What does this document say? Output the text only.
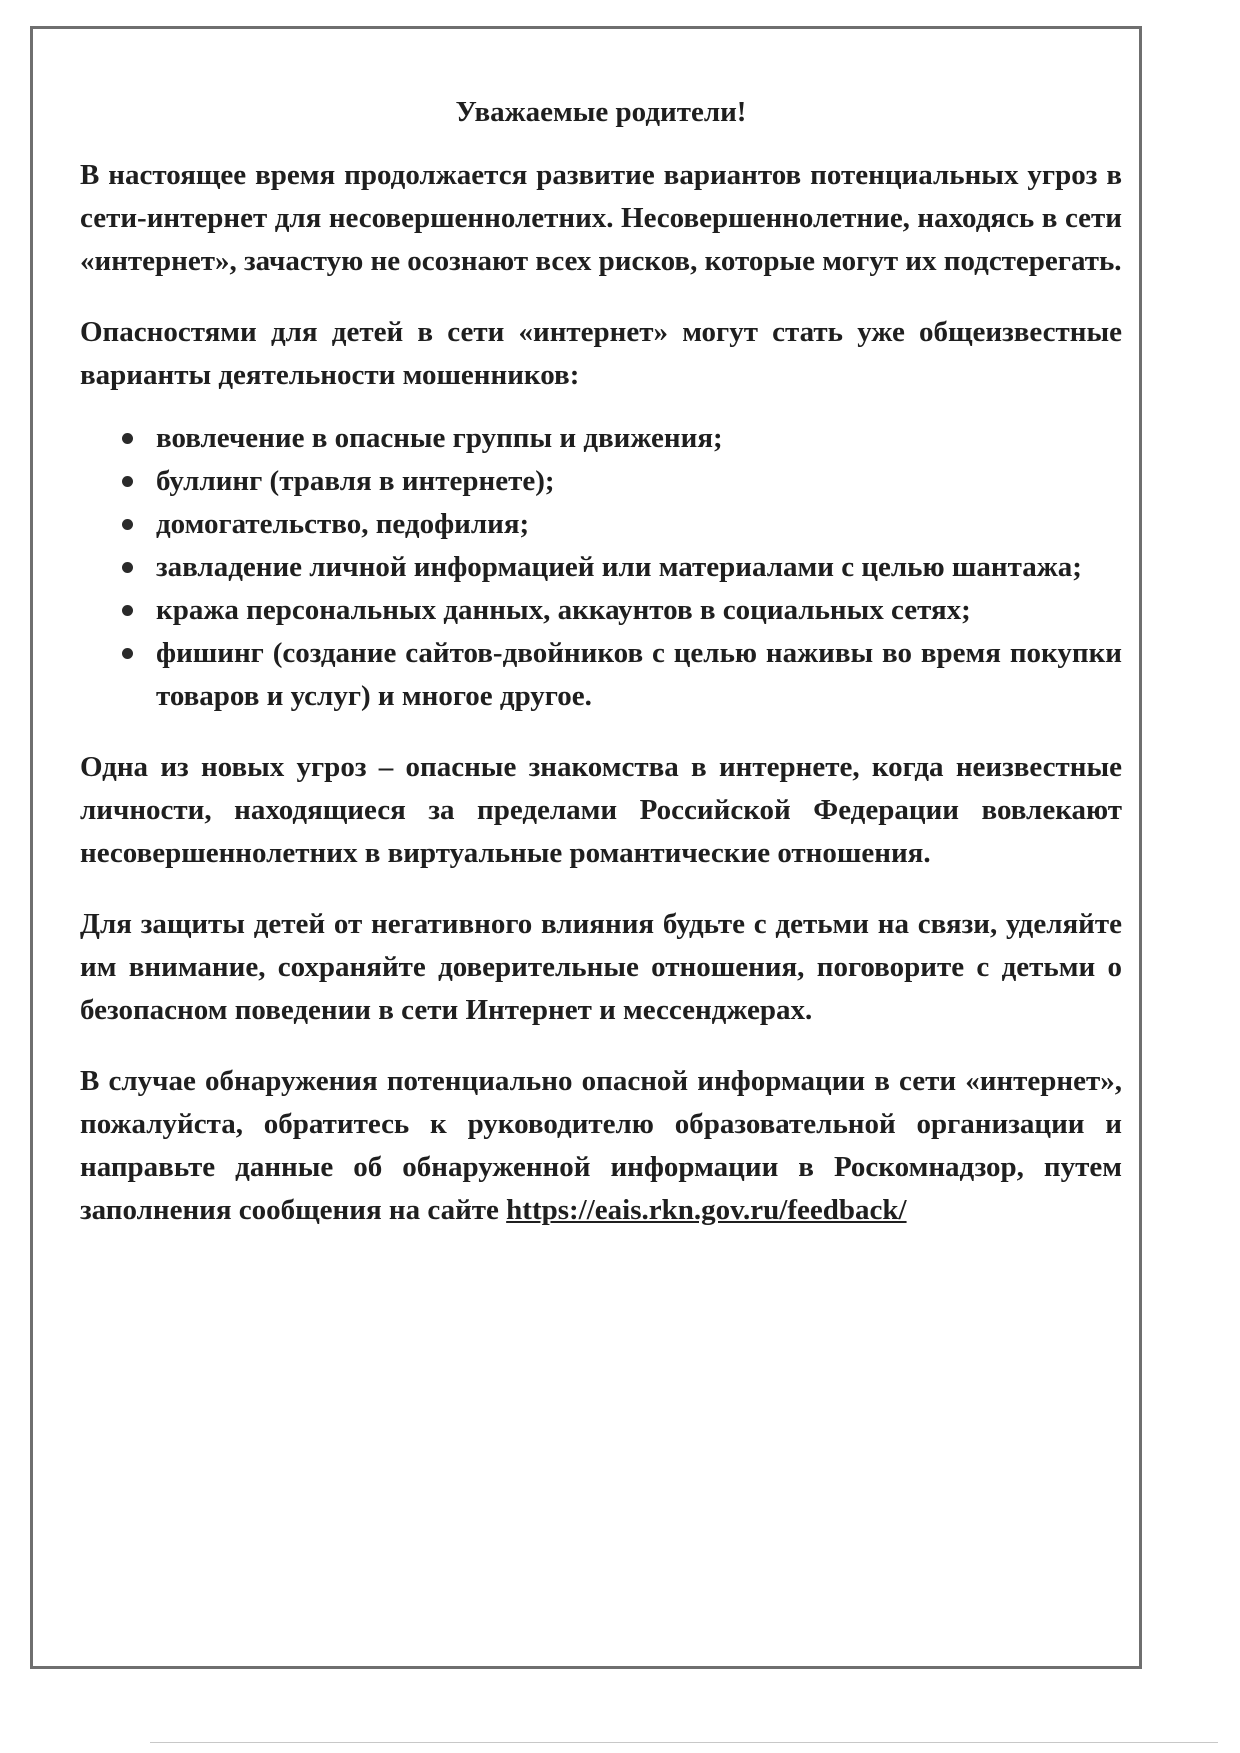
Уважаемые родители!

В настоящее время продолжается развитие вариантов потенциальных угроз в сети-интернет для несовершеннолетних. Несовершеннолетние, находясь в сети «интернет», зачастую не осознают всех рисков, которые могут их подстерегать.

Опасностями для детей в сети «интернет» могут стать уже общеизвестные варианты деятельности мошенников:

вовлечение в опасные группы и движения;
буллинг (травля в интернете);
домогательство, педофилия;
завладение личной информацией или материалами с целью шантажа;
кража персональных данных, аккаунтов в социальных сетях;
фишинг (создание сайтов-двойников с целью наживы во время покупки товаров и услуг) и многое другое.

Одна из новых угроз – опасные знакомства в интернете, когда неизвестные личности, находящиеся за пределами Российской Федерации вовлекают несовершеннолетних в виртуальные романтические отношения.

Для защиты детей от негативного влияния будьте с детьми на связи, уделяйте им внимание, сохраняйте доверительные отношения, поговорите с детьми о безопасном поведении в сети Интернет и мессенджерах.

В случае обнаружения потенциально опасной информации в сети «интернет», пожалуйста, обратитесь к руководителю образовательной организации и направьте данные об обнаруженной информации в Роскомнадзор, путем заполнения сообщения на сайте https://eais.rkn.gov.ru/feedback/
